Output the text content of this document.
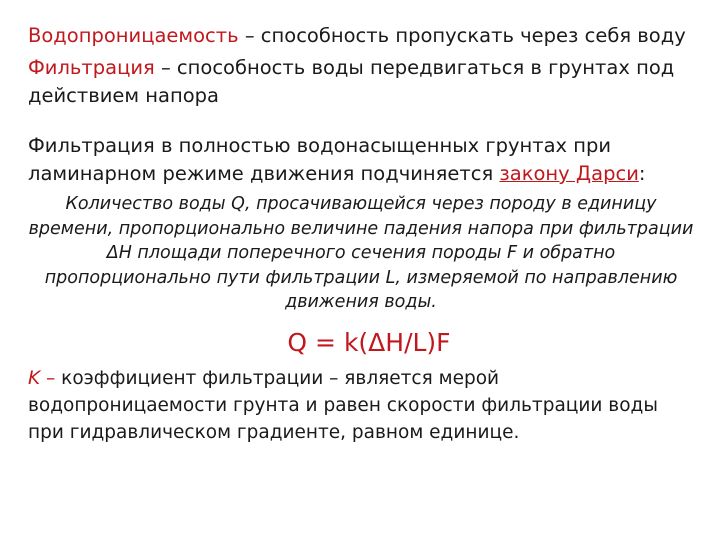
Водопроницаемость – способность пропускать через себя воду

Фильтрация – способность воды передвигаться в грунтах под действием напора

Фильтрация в полностью водонасыщенных грунтах при ламинарном режиме движения подчиняется закону Дарси:

Количество воды Q, просачивающейся через породу в единицу времени, пропорционально величине падения напора при фильтрации ΔH площади поперечного сечения породы F и обратно пропорционально пути фильтрации L, измеряемой по направлению движения воды.

Q = k(ΔH/L)F

K – коэффициент фильтрации – является мерой водопроницаемости грунта и равен скорости фильтрации воды при гидравлическом градиенте, равном единице.
